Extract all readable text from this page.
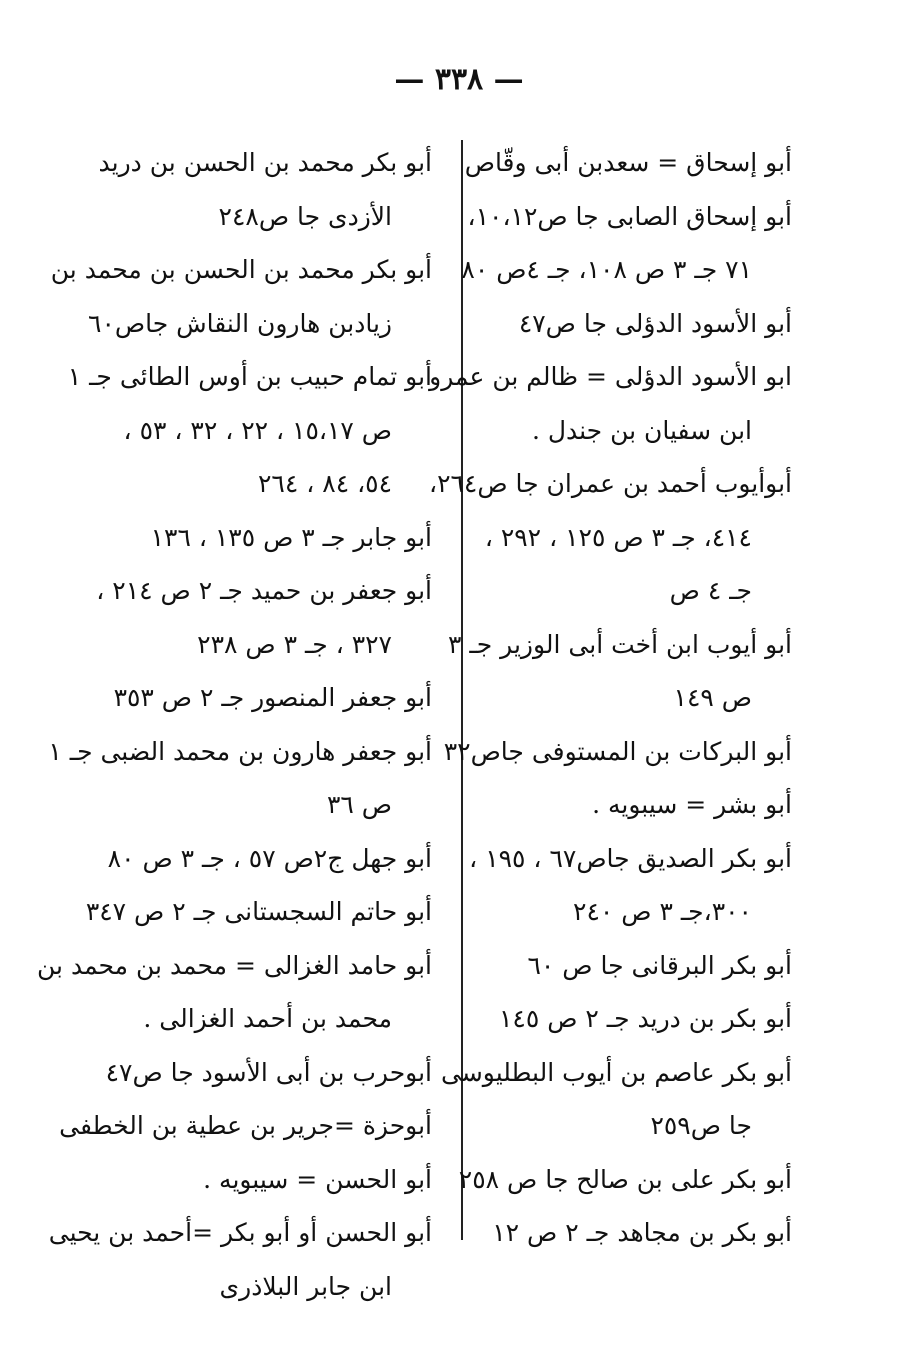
— ٣٣٨ —
أبو إسحاق = سعدبن أبى وقّاص
أبو إسحاق الصابى جا ص١٠،١٢،
٧١ جـ ٣ ص ١٠٨، جـ ٤ص ٨٠
أبو الأسود الدؤلى جا ص٤٧
ابو الأسود الدؤلى = ظالم بن عمرو
ابن سفيان بن جندل .
أبوأيوب أحمد بن عمران جا ص٢٦٤،
٤١٤، جـ ٣ ص ١٢٥ ، ٢٩٢ ،
جـ ٤ ص
أبو أيوب ابن أخت أبى الوزير جـ ٣
ص ١٤٩
أبو البركات بن المستوفى جاص٣٢
أبو بشر = سيبويه .
أبو بكر الصديق جاص٦٧ ، ١٩٥ ،
٣٠٠،جـ ٣ ص ٢٤٠
أبو بكر البرقانى جا ص ٦٠
أبو بكر بن دريد جـ ٢ ص ١٤٥
أبو بكر عاصم بن أيوب البطليوسى
جا ص٢٥٩
أبو بكر على بن صالح جا ص ٢٥٨
أبو بكر بن مجاهد جـ ٢ ص ١٢
أبو بكر محمد بن الحسن بن دريد
الأزدى جا ص٢٤٨
أبو بكر محمد بن الحسن بن محمد بن
زيادبن هارون النقاش جاص٦٠
أبو تمام حبيب بن أوس الطائى جـ ١
ص ١٥،١٧ ، ٢٢ ، ٣٢ ، ٥٣ ،
٥٤، ٨٤ ، ٢٦٤
أبو جابر جـ ٣ ص ١٣٥ ، ١٣٦
أبو جعفر بن حميد جـ ٢ ص ٢١٤ ،
٣٢٧ ، جـ ٣ ص ٢٣٨
أبو جعفر المنصور جـ ٢ ص ٣٥٣
أبو جعفر هارون بن محمد الضبى جـ ١
ص ٣٦
أبو جهل ج٢ص ٥٧ ، جـ ٣ ص ٨٠
أبو حاتم السجستانى جـ ٢ ص ٣٤٧
أبو حامد الغزالى = محمد بن محمد بن
محمد بن أحمد الغزالى .
أبوحرب بن أبى الأسود جا ص٤٧
أبوحزة =جرير بن عطية بن الخطفى
أبو الحسن = سيبويه .
أبو الحسن أو أبو بكر =أحمد بن يحيى
ابن جابر البلاذرى
